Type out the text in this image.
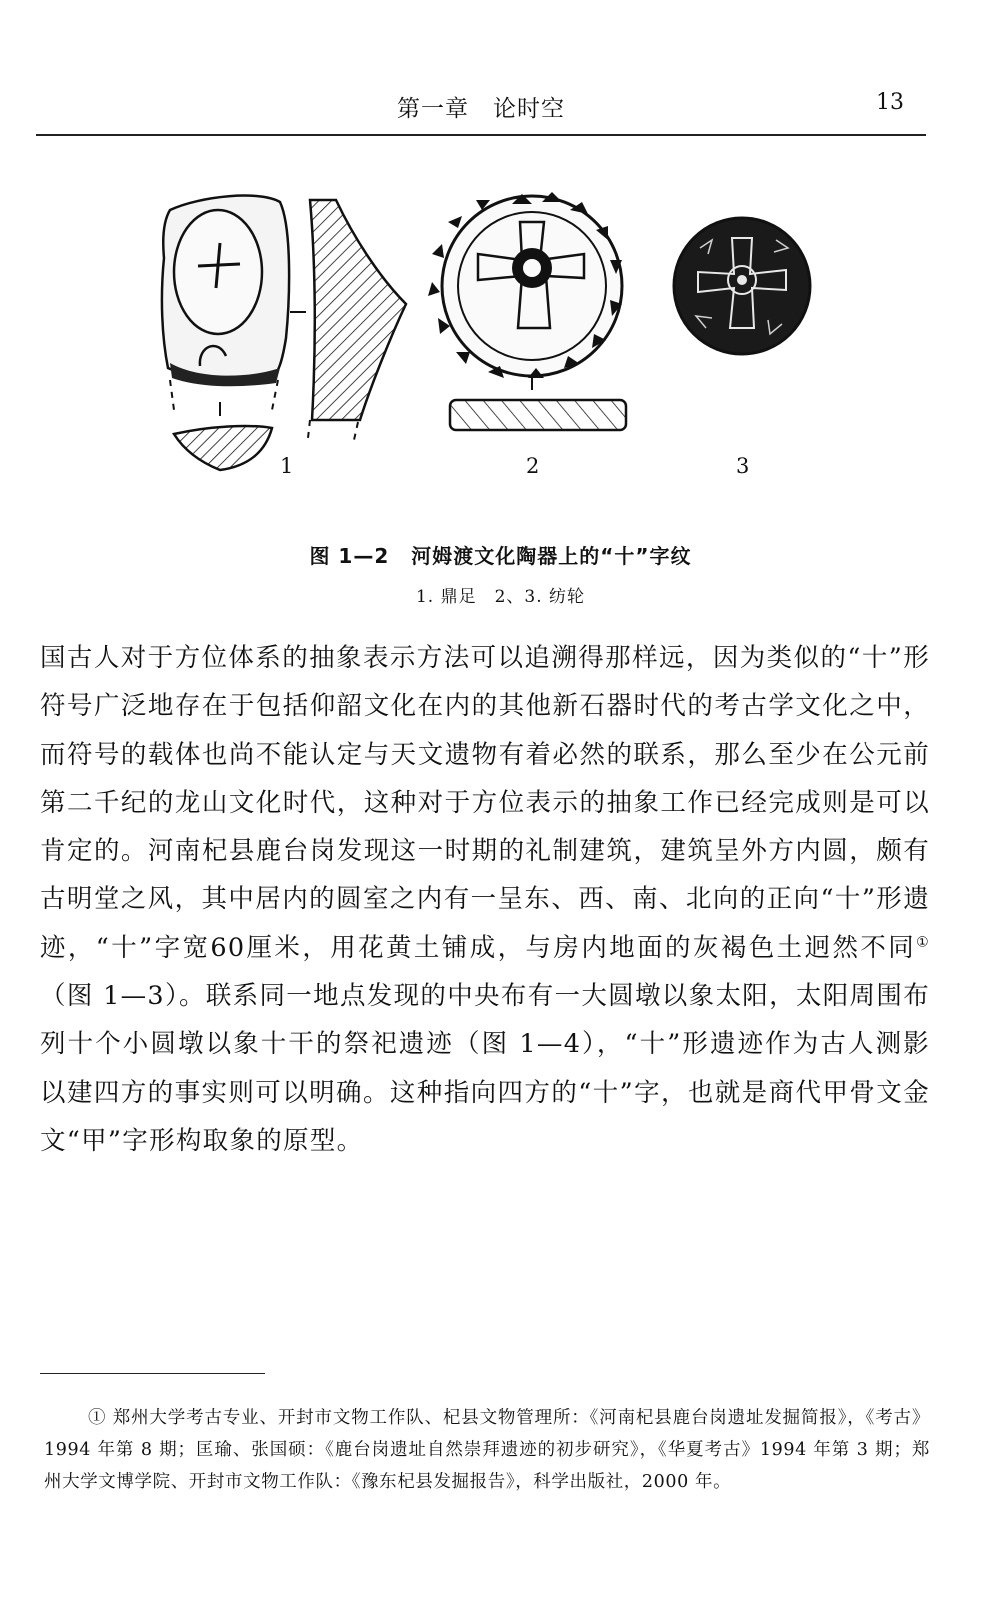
第一章　论时空	13
1	2	3
图 1—2 河姆渡文化陶器上的“十”字纹
1. 鼎足　2、3. 纺轮

国古人对于方位体系的抽象表示方法可以追溯得那样远，因为类似的“十”形符号广泛地存在于包括仰韶文化在内的其他新石器时代的考古学文化之中，而符号的载体也尚不能认定与天文遗物有着必然的联系，那么至少在公元前第二千纪的龙山文化时代，这种对于方位表示的抽象工作已经完成则是可以肯定的。河南杞县鹿台岗发现这一时期的礼制建筑，建筑呈外方内圆，颇有古明堂之风，其中居内的圆室之内有一呈东、西、南、北向的正向“十”形遗迹，“十”字宽60厘米，用花黄土铺成，与房内地面的灰褐色土迥然不同①（图 1—3）。联系同一地点发现的中央布有一大圆墩以象太阳，太阳周围布列十个小圆墩以象十干的祭祀遗迹（图 1—4），“十”形遗迹作为古人测影以建四方的事实则可以明确。这种指向四方的“十”字，也就是商代甲骨文金文“甲”字形构取象的原型。

① 郑州大学考古专业、开封市文物工作队、杞县文物管理所：《河南杞县鹿台岗遗址发掘简报》，《考古》1994 年第 8 期；匡瑜、张国硕：《鹿台岗遗址自然崇拜遗迹的初步研究》，《华夏考古》1994 年第 3 期；郑州大学文博学院、开封市文物工作队：《豫东杞县发掘报告》，科学出版社，2000 年。
